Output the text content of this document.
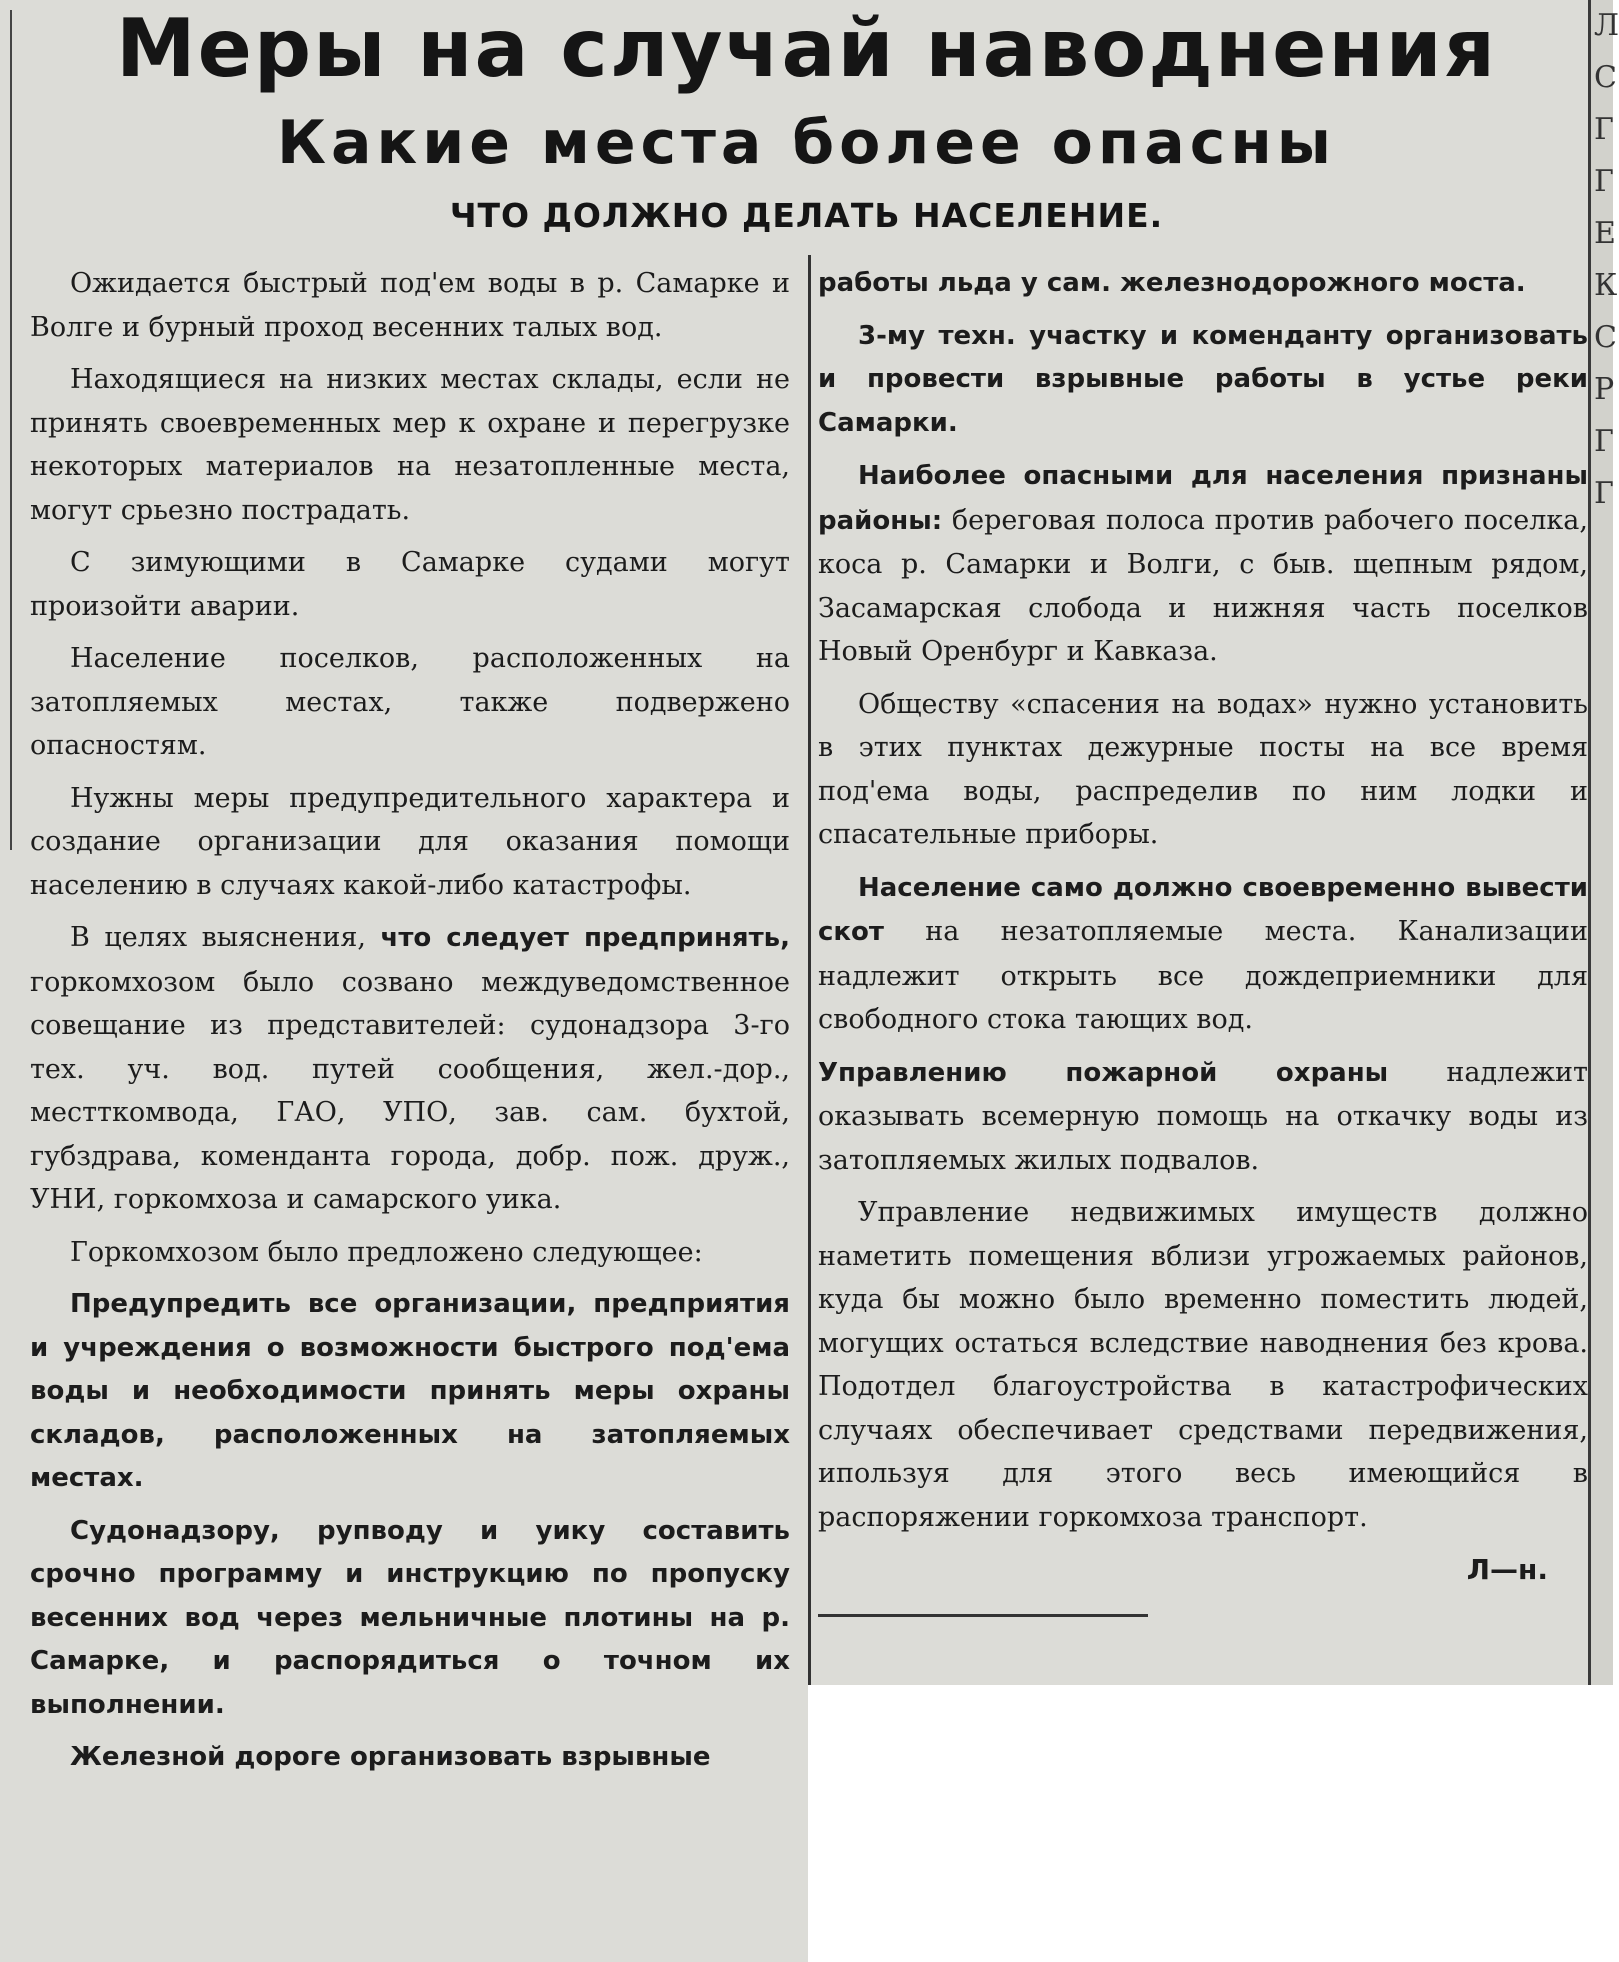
Л
С
Г
Г
Е
К
С
Р
Г
Г
Меры на случай наводнения
Какие места более опасны
ЧТО ДОЛЖНО ДЕЛАТЬ НАСЕЛЕНИЕ.

Ожидается быстрый под'ем воды в р. Самарке и Волге и бурный проход весенних талых вод.

Находящиеся на низких местах склады, если не принять своевременных мер к охране и перегрузке некоторых материалов на незатопленные места, могут срьезно пострадать.

С зимующими в Самарке судами могут произойти аварии.

Население поселков, расположенных на затопляемых местах, также подвержено опасностям.

Нужны меры предупредительного характера и создание организации для оказания помощи населению в случаях какой-либо катастрофы.

В целях выяснения, что следует предпринять, горкомхозом было созвано междуведомственное совещание из представителей: судонадзора 3-го тех. уч. вод. путей сообщения, жел.-дор., местткомвода, ГАО, УПО, зав. сам. бухтой, губздрава, коменданта города, добр. пож. друж., УНИ, горкомхоза и самарского уика.

Горкомхозом было предложено следующее:

Предупредить все организации, предприятия и учреждения о возможности быстрого под'ема воды и необходимости принять меры охраны складов, расположенных на затопляемых местах.

Судонадзору, рупводу и уику составить срочно программу и инструкцию по пропуску весенних вод через мельничные плотины на р. Самарке, и распорядиться о точном их выполнении.

Железной дороге организовать взрывные

работы льда у сам. железнодорожного моста.

3-му техн. участку и коменданту организовать и провести взрывные работы в устье реки Самарки.

Наиболее опасными для населения признаны районы: береговая полоса против рабочего поселка, коса р. Самарки и Волги, с быв. щепным рядом, Засамарская слобода и нижняя часть поселков Новый Оренбург и Кавказа.

Обществу «спасения на водах» нужно установить в этих пунктах дежурные посты на все время под'ема воды, распределив по ним лодки и спасательные приборы.

Население само должно своевременно вывести скот на незатопляемые места. Канализации надлежит открыть все дождеприемники для свободного стока тающих вод.

Управлению пожарной охраны надлежит оказывать всемерную помощь на откачку воды из затопляемых жилых подвалов.

Управление недвижимых имуществ должно наметить помещения вблизи угрожаемых районов, куда бы можно было временно поместить людей, могущих остаться вследствие наводнения без крова. Подотдел благоустройства в катастрофических случаях обеспечивает средствами передвижения, ипользуя для этого весь имеющийся в распоряжении горкомхоза транспорт.

Л—н.
